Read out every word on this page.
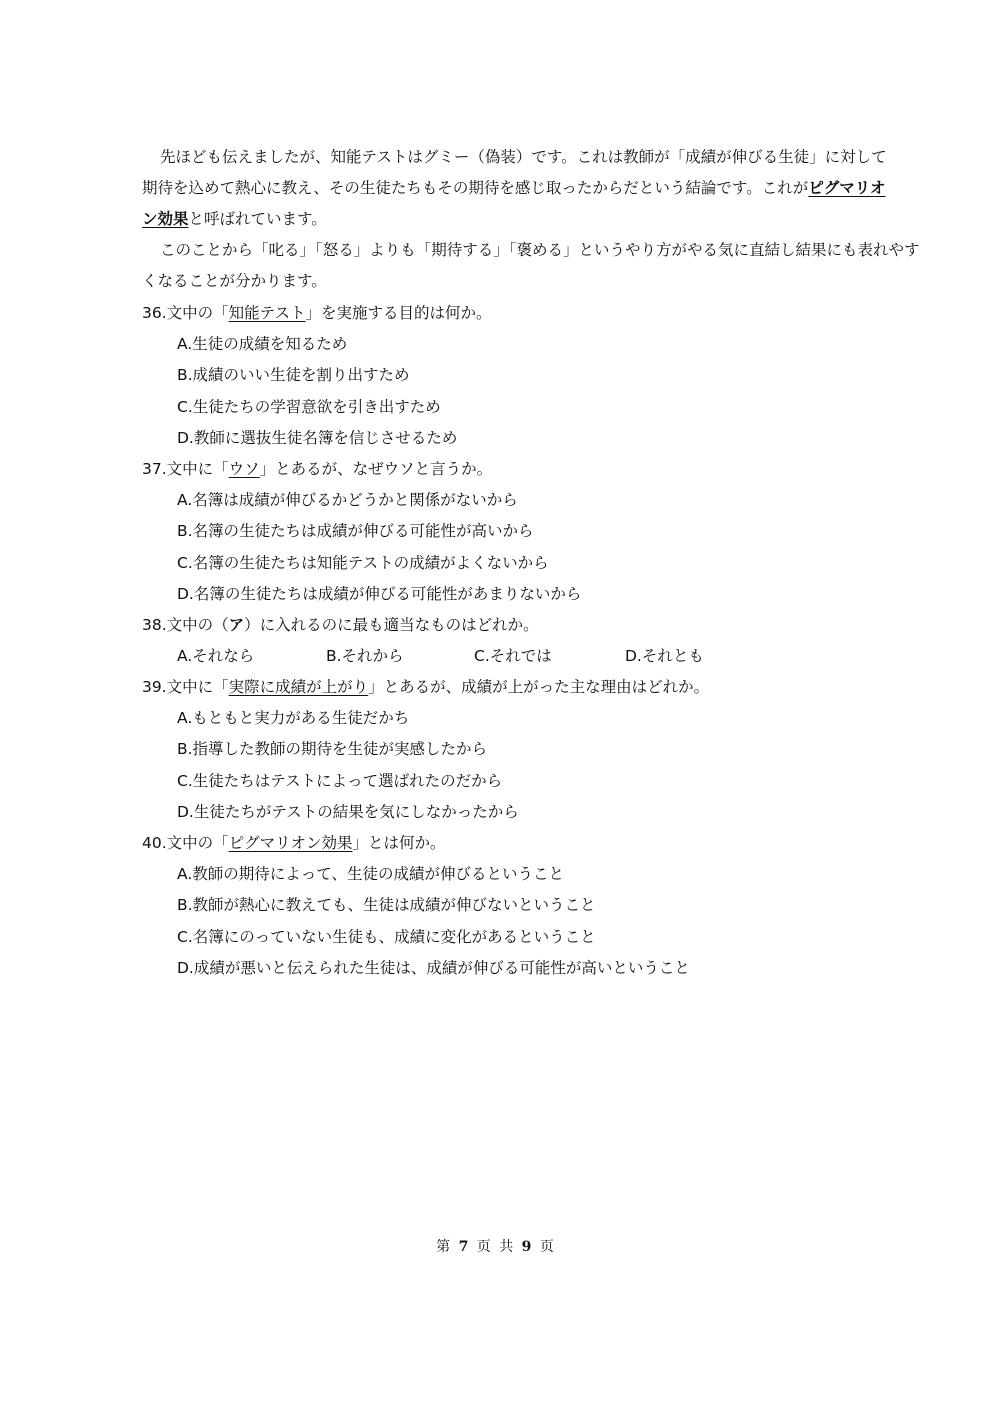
先ほども伝えましたが、知能テストはグミー（偽装）です。これは教師が「成績が伸びる生徒」に対して
期待を込めて熱心に教え、その生徒たちもその期待を感じ取ったからだという結論です。これがピグマリオ
ン効果と呼ばれています。
このことから「叱る」「怒る」よりも「期待する」「褒める」というやり方がやる気に直結し結果にも表れやす
くなることが分かります。
36.文中の「知能テスト」を実施する目的は何か。
A.生徒の成績を知るため
B.成績のいい生徒を割り出すため
C.生徒たちの学習意欲を引き出すため
D.教師に選抜生徒名簿を信じさせるため
37.文中に「ウソ」とあるが、なぜウソと言うか。
A.名簿は成績が伸びるかどうかと関係がないから
B.名簿の生徒たちは成績が伸びる可能性が高いから
C.名簿の生徒たちは知能テストの成績がよくないから
D.名簿の生徒たちは成績が伸びる可能性があまりないから
38.文中の（ア）に入れるのに最も適当なものはどれか。
A.それなら	B.それから	C.それでは	D.それとも
39.文中に「実際に成績が上がり」とあるが、成績が上がった主な理由はどれか。
A.もともと実力がある生徒だかち
B.指導した教師の期待を生徒が実感したから
C.生徒たちはテストによって選ばれたのだから
D.生徒たちがテストの結果を気にしなかったから
40.文中の「ピグマリオン効果」とは何か。
A.教師の期待によって、生徒の成績が伸びるということ
B.教師が熱心に教えても、生徒は成績が伸びないということ
C.名簿にのっていない生徒も、成績に変化があるということ
D.成績が悪いと伝えられた生徒は、成績が伸びる可能性が高いということ
第 7 页 共 9 页
